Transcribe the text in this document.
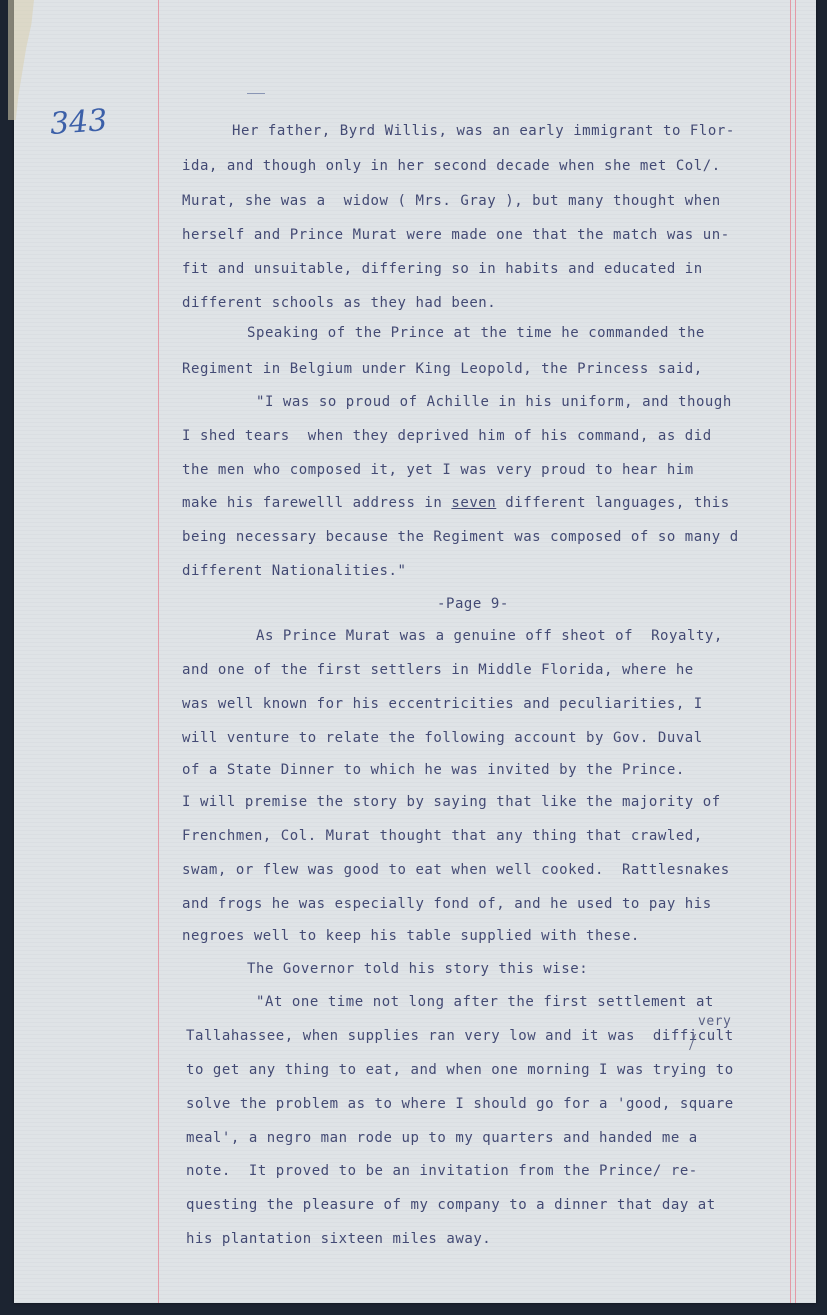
343	Her father, Byrd Willis, was an early immigrant to Flor-
ida, and though only in her second decade when she met Col/.
Murat, she was a  widow ( Mrs. Gray ), but many thought when
herself and Prince Murat were made one that the match was un-
fit and unsuitable, differing so in habits and educated in
different schools as they had been.
Speaking of the Prince at the time he commanded the
Regiment in Belgium under King Leopold, the Princess said,
"I was so proud of Achille in his uniform, and though
I shed tears  when they deprived him of his command, as did
the men who composed it, yet I was very proud to hear him
make his farewelll address in seven different languages, this
being necessary because the Regiment was composed of so many d
different Nationalities."
-Page 9-
As Prince Murat was a genuine off sheot of  Royalty,
and one of the first settlers in Middle Florida, where he
was well known for his eccentricities and peculiarities, I
will venture to relate the following account by Gov. Duval
of a State Dinner to which he was invited by the Prince.
I will premise the story by saying that like the majority of
Frenchmen, Col. Murat thought that any thing that crawled,
swam, or flew was good to eat when well cooked.  Rattlesnakes
and frogs he was especially fond of, and he used to pay his
negroes well to keep his table supplied with these.
The Governor told his story this wise:
"At one time not long after the first settlement at
Tallahassee, when supplies ran very low and it was  difficult
to get any thing to eat, and when one morning I was trying to
solve the problem as to where I should go for a 'good, square
meal', a negro man rode up to my quarters and handed me a
note.  It proved to be an invitation from the Prince/ re-
questing the pleasure of my company to a dinner that day at
his plantation sixteen miles away.
very
